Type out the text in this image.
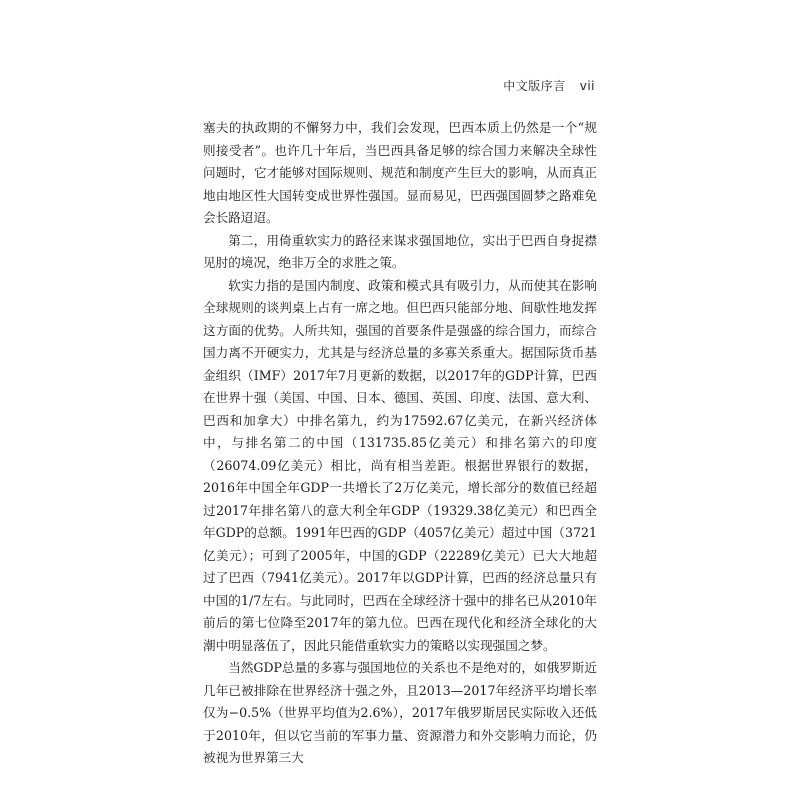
中文版序言 vii

塞夫的执政期的不懈努力中，我们会发现，巴西本质上仍然是一个“规则接受者”。也许几十年后，当巴西具备足够的综合国力来解决全球性问题时，它才能够对国际规则、规范和制度产生巨大的影响，从而真正地由地区性大国转变成世界性强国。显而易见，巴西强国圆梦之路难免会长路迢迢。

第二，用倚重软实力的路径来谋求强国地位，实出于巴西自身捉襟见肘的境况，绝非万全的求胜之策。

软实力指的是国内制度、政策和模式具有吸引力，从而使其在影响全球规则的谈判桌上占有一席之地。但巴西只能部分地、间歇性地发挥这方面的优势。人所共知，强国的首要条件是强盛的综合国力，而综合国力离不开硬实力，尤其是与经济总量的多寡关系重大。据国际货币基金组织（IMF）2017年7月更新的数据，以2017年的GDP计算，巴西在世界十强（美国、中国、日本、德国、英国、印度、法国、意大利、巴西和加拿大）中排名第九，约为17592.67亿美元，在新兴经济体中，与排名第二的中国（131735.85亿美元）和排名第六的印度（26074.09亿美元）相比，尚有相当差距。根据世界银行的数据，2016年中国全年GDP一共增长了2万亿美元，增长部分的数值已经超过2017年排名第八的意大利全年GDP（19329.38亿美元）和巴西全年GDP的总额。1991年巴西的GDP（4057亿美元）超过中国（3721亿美元）；可到了2005年，中国的GDP（22289亿美元）已大大地超过了巴西（7941亿美元）。2017年以GDP计算，巴西的经济总量只有中国的1/7左右。与此同时，巴西在全球经济十强中的排名已从2010年前后的第七位降至2017年的第九位。巴西在现代化和经济全球化的大潮中明显落伍了，因此只能借重软实力的策略以实现强国之梦。

当然GDP总量的多寡与强国地位的关系也不是绝对的，如俄罗斯近几年已被排除在世界经济十强之外，且2013—2017年经济平均增长率仅为−0.5%（世界平均值为2.6%），2017年俄罗斯居民实际收入还低于2010年，但以它当前的军事力量、资源潜力和外交影响力而论，仍被视为世界第三大
